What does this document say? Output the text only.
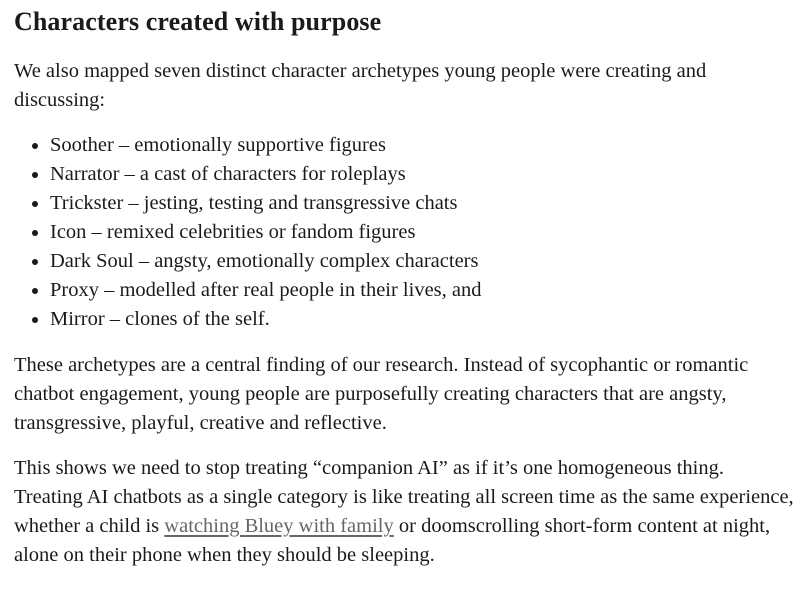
Characters created with purpose

We also mapped seven distinct character archetypes young people were creating and discussing:

• Soother – emotionally supportive figures
• Narrator – a cast of characters for roleplays
• Trickster – jesting, testing and transgressive chats
• Icon – remixed celebrities or fandom figures
• Dark Soul – angsty, emotionally complex characters
• Proxy – modelled after real people in their lives, and
• Mirror – clones of the self.

These archetypes are a central finding of our research. Instead of sycophantic or romantic chatbot engagement, young people are purposefully creating characters that are angsty, transgressive, playful, creative and reflective.

This shows we need to stop treating “companion AI” as if it’s one homogeneous thing. Treating AI chatbots as a single category is like treating all screen time as the same experience, whether a child is watching Bluey with family or doomscrolling short-form content at night, alone on their phone when they should be sleeping.
